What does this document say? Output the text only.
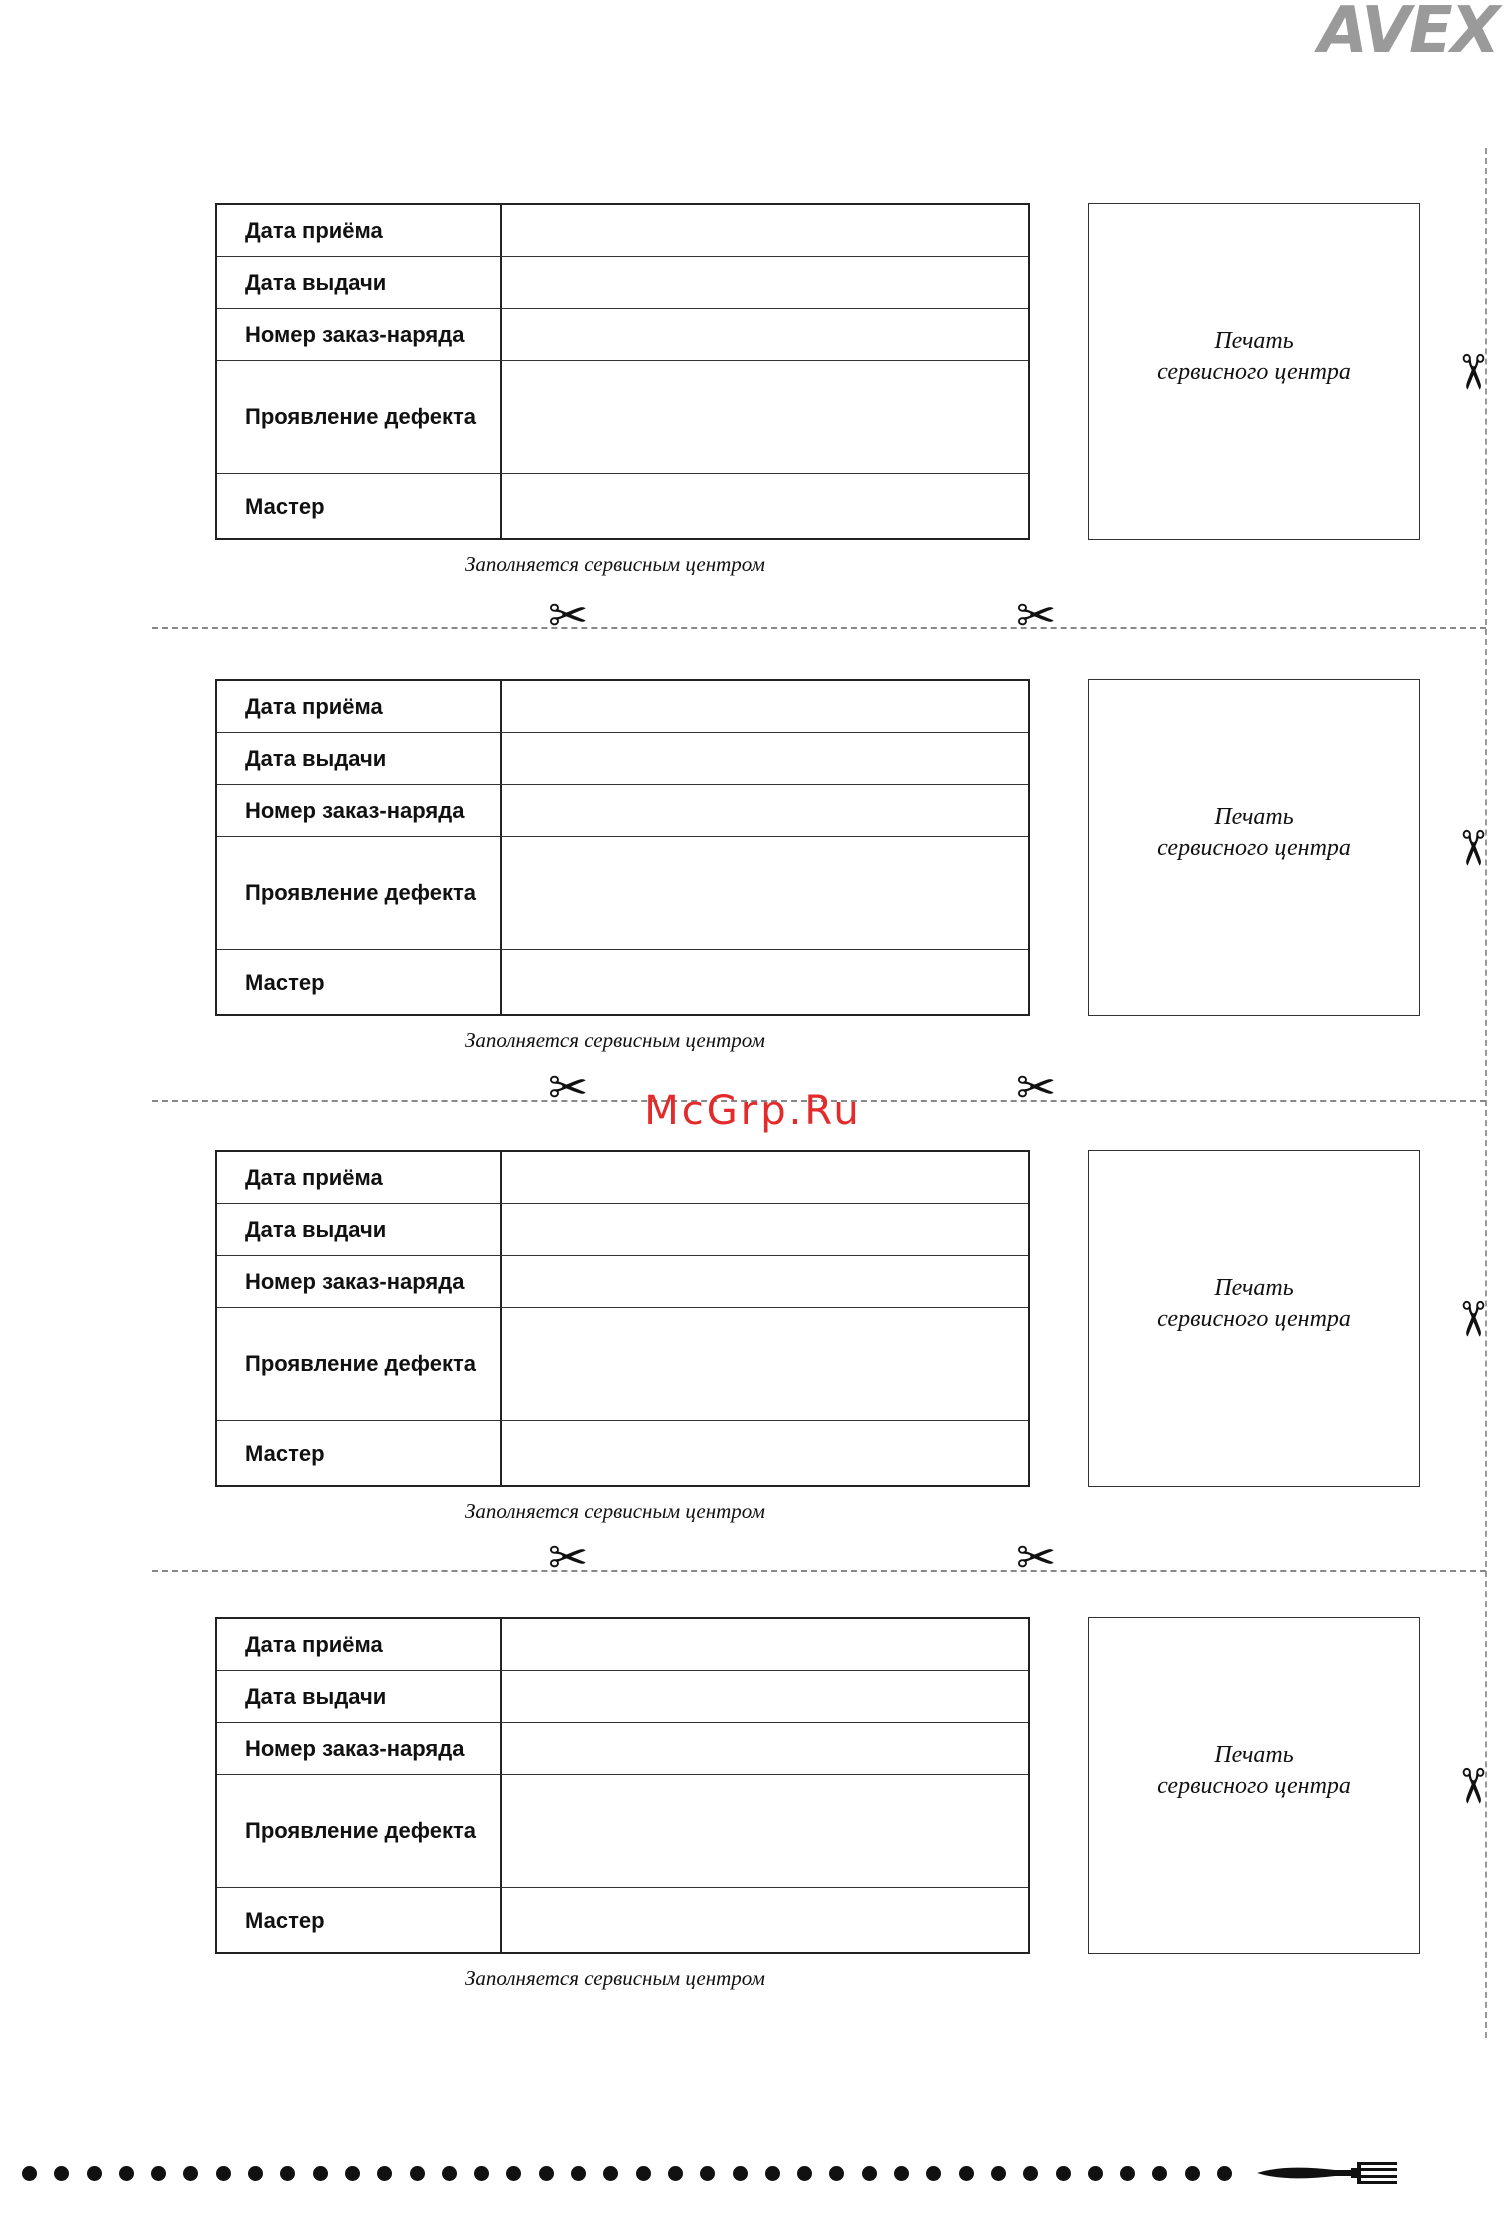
AVEX
Дата приёма
Дата выдачи
Номер заказ-наряда
Проявление дефекта
Мастер
Печать
сервисного центра
Заполняется сервисным центром
✂
✂	✂
Дата приёма
Дата выдачи
Номер заказ-наряда
Проявление дефекта
Мастер
Печать
сервисного центра
Заполняется сервисным центром
✂
✂	✂
McGrp.Ru
Дата приёма
Дата выдачи
Номер заказ-наряда
Проявление дефекта
Мастер
Печать
сервисного центра
Заполняется сервисным центром
✂
✂	✂
Дата приёма
Дата выдачи
Номер заказ-наряда
Проявление дефекта
Мастер
Печать
сервисного центра
Заполняется сервисным центром
✂
